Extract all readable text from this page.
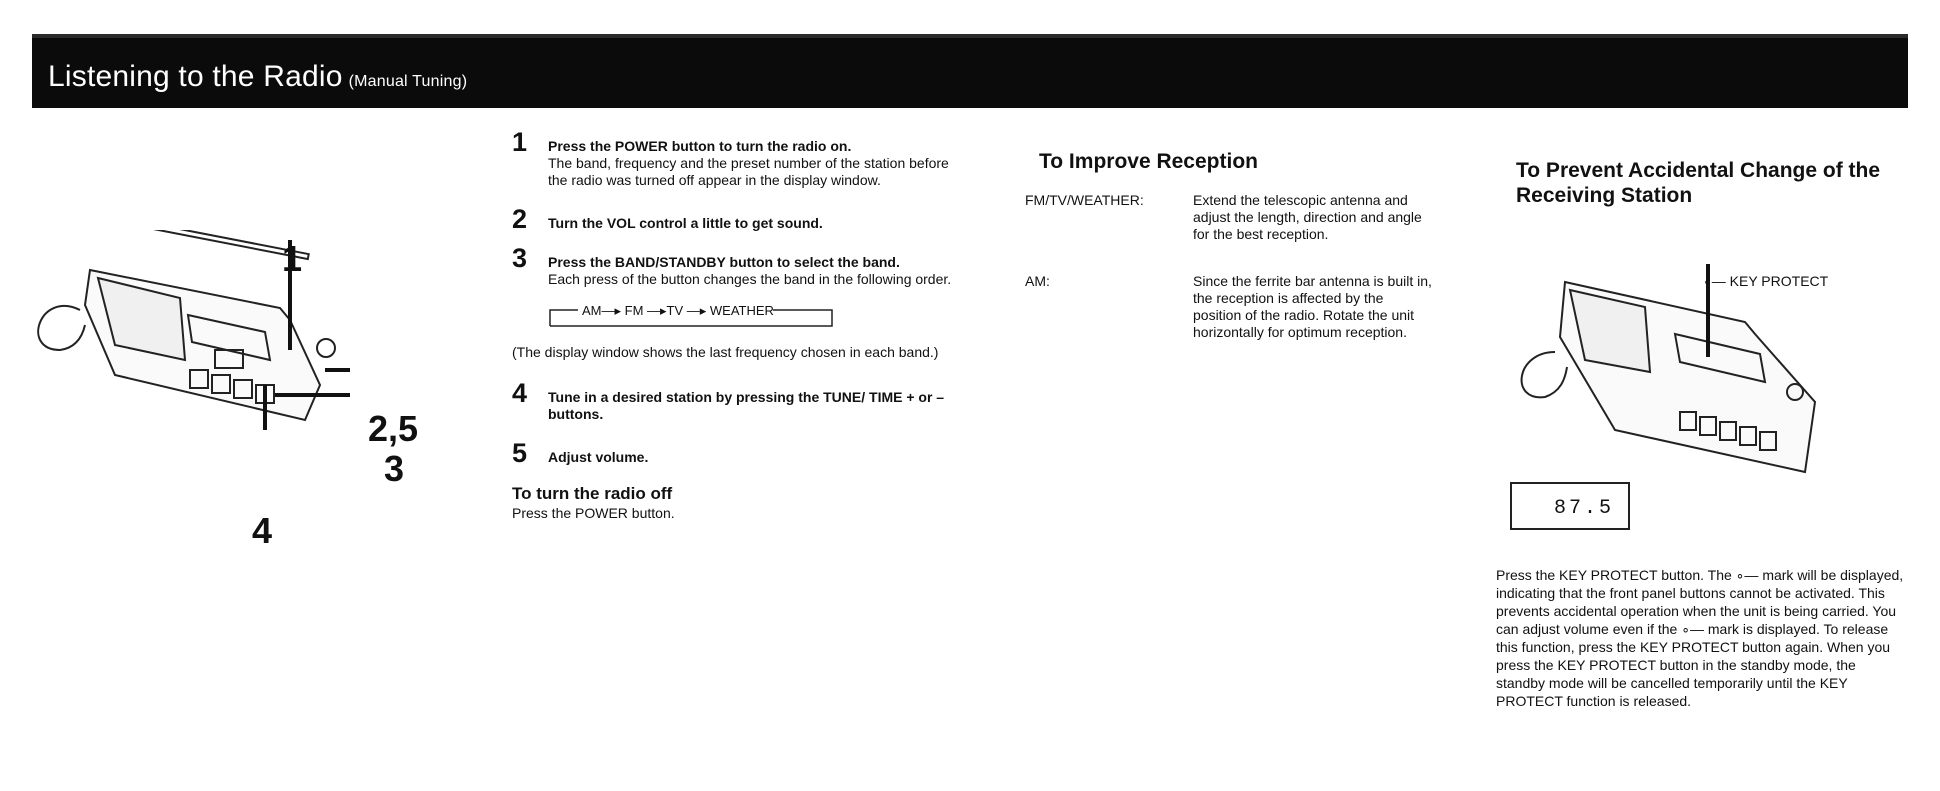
Listening to the Radio (Manual Tuning)
1
2,5
3
4
1 Press the POWER button to turn the radio on.
The band, frequency and the preset number of the station before the radio was turned off appear in the display window.
2 Turn the VOL control a little to get sound.
3 Press the BAND/STANDBY button to select the band.
Each press of the button changes the band in the following order.
AM—▸ FM —▸TV —▸ WEATHER
(The display window shows the last frequency chosen in each band.)
4 Tune in a desired station by pressing the TUNE/ TIME + or – buttons.
5 Adjust volume.
To turn the radio off
Press the POWER button.
To Improve Reception
FM/TV/WEATHER:	Extend the telescopic antenna and adjust the length, direction and angle for the best reception.
AM:	Since the ferrite bar antenna is built in, the reception is affected by the position of the radio. Rotate the unit horizontally for optimum reception.
To Prevent Accidental Change of the Receiving Station
∘— KEY PROTECT
87.5
Press the KEY PROTECT button. The ∘— mark will be displayed, indicating that the front panel buttons cannot be activated. This prevents accidental operation when the unit is being carried. You can adjust volume even if the ∘— mark is displayed. To release this function, press the KEY PROTECT button again. When you press the KEY PROTECT button in the standby mode, the standby mode will be cancelled temporarily until the KEY PROTECT function is released.
